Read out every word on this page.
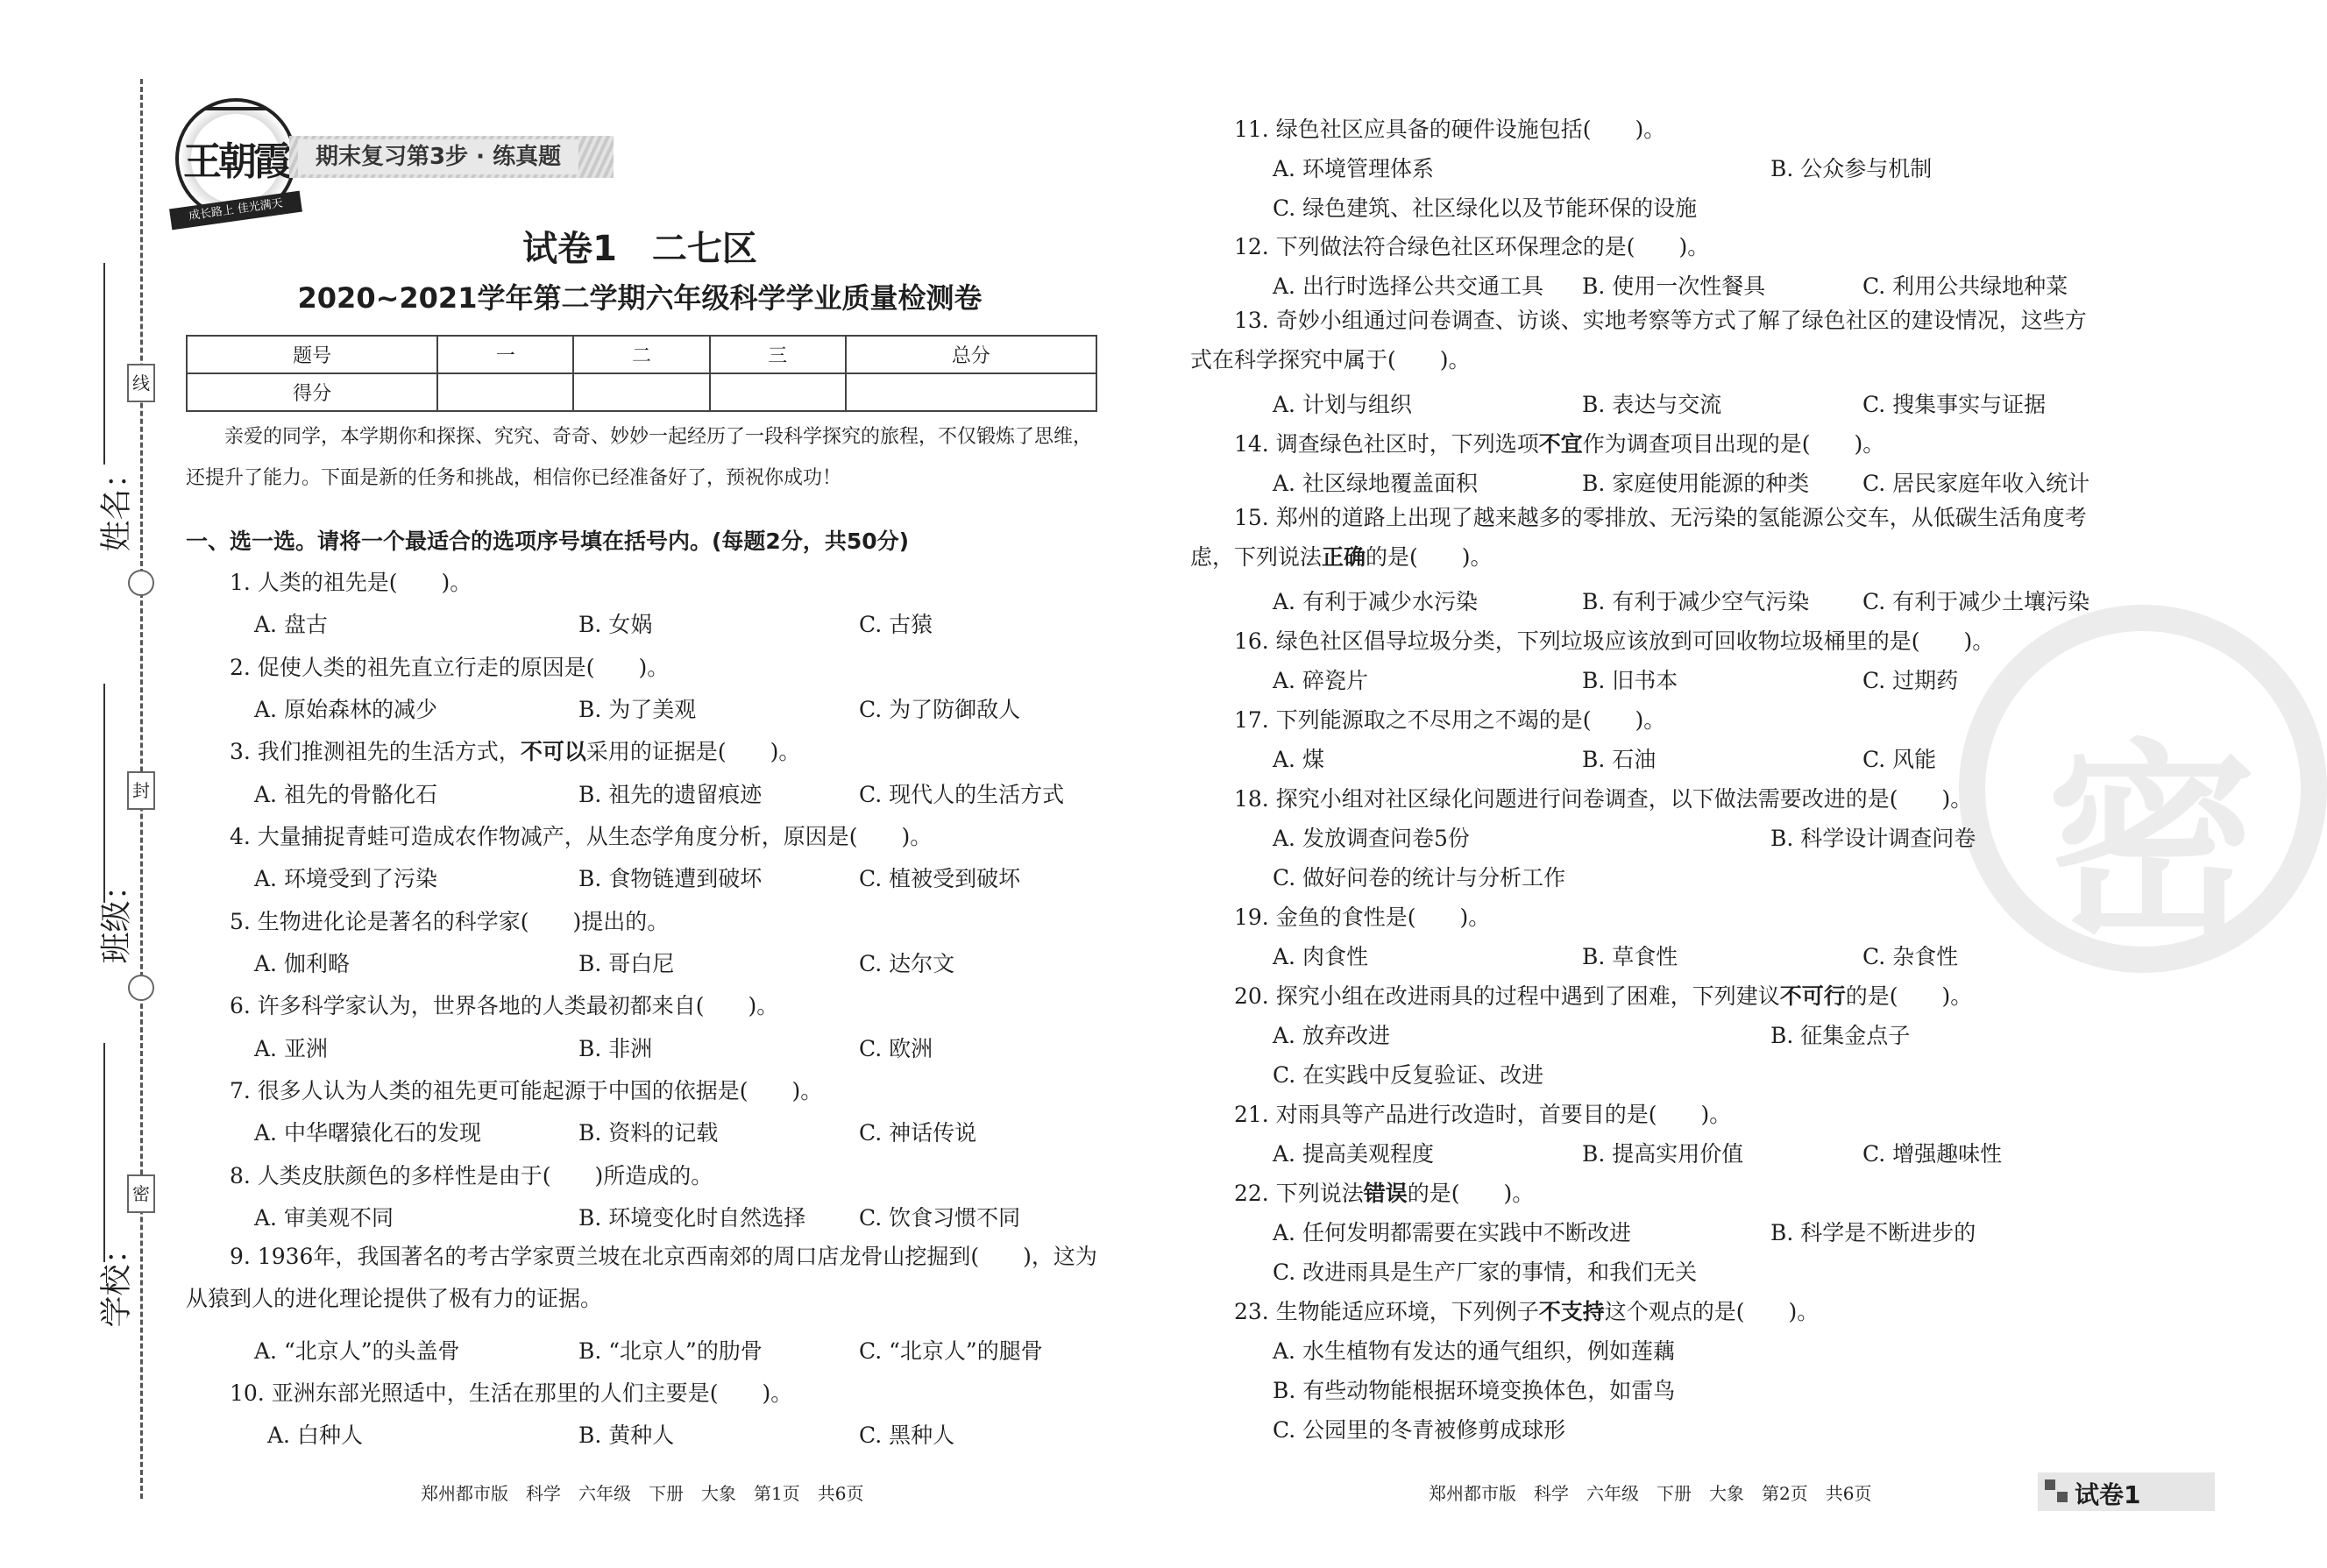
线
封
密
姓名：
班级：
学校：
王朝霞
成长路上 佳光满天
期末复习第3步 · 练真题
试卷1　二七区
2020~2021学年第二学期六年级科学学业质量检测卷
题号	一	二	三	总分
得分				
亲爱的同学，本学期你和探探、究究、奇奇、妙妙一起经历了一段科学探究的旅程，不仅锻炼了思维，还提升了能力。下面是新的任务和挑战，相信你已经准备好了，预祝你成功！
一、选一选。请将一个最适合的选项序号填在括号内。(每题2分，共50分)
1. 人类的祖先是(　　)。
A. 盘古	B. 女娲	C. 古猿
2. 促使人类的祖先直立行走的原因是(　　)。
A. 原始森林的减少	B. 为了美观	C. 为了防御敌人
3. 我们推测祖先的生活方式，不可以采用的证据是(　　)。
A. 祖先的骨骼化石	B. 祖先的遗留痕迹	C. 现代人的生活方式
4. 大量捕捉青蛙可造成农作物减产，从生态学角度分析，原因是(　　)。
A. 环境受到了污染	B. 食物链遭到破坏	C. 植被受到破坏
5. 生物进化论是著名的科学家(　　)提出的。
A. 伽利略	B. 哥白尼	C. 达尔文
6. 许多科学家认为，世界各地的人类最初都来自(　　)。
A. 亚洲	B. 非洲	C. 欧洲
7. 很多人认为人类的祖先更可能起源于中国的依据是(　　)。
A. 中华曙猿化石的发现	B. 资料的记载	C. 神话传说
8. 人类皮肤颜色的多样性是由于(　　)所造成的。
A. 审美观不同	B. 环境变化时自然选择 C. 饮食习惯不同
9. 1936年，我国著名的考古学家贾兰坡在北京西南郊的周口店龙骨山挖掘到(　　)，这为从猿到人的进化理论提供了极有力的证据。
A. “北京人”的头盖骨	B. “北京人”的肋骨	C. “北京人”的腿骨
10. 亚洲东部光照适中，生活在那里的人们主要是(　　)。
A. 白种人	B. 黄种人	C. 黑种人
密
11. 绿色社区应具备的硬件设施包括(　　)。
A. 环境管理体系	B. 公众参与机制
C. 绿色建筑、社区绿化以及节能环保的设施
12. 下列做法符合绿色社区环保理念的是(　　)。
A. 出行时选择公共交通工具 B. 使用一次性餐具	C. 利用公共绿地种菜
13. 奇妙小组通过问卷调查、访谈、实地考察等方式了解了绿色社区的建设情况，这些方式在科学探究中属于(　　)。
A. 计划与组织	B. 表达与交流	C. 搜集事实与证据
14. 调查绿色社区时，下列选项不宜作为调查项目出现的是(　　)。
A. 社区绿地覆盖面积	B. 家庭使用能源的种类 C. 居民家庭年收入统计
15. 郑州的道路上出现了越来越多的零排放、无污染的氢能源公交车，从低碳生活角度考虑，下列说法正确的是(　　)。
A. 有利于减少水污染	B. 有利于减少空气污染 C. 有利于减少土壤污染
16. 绿色社区倡导垃圾分类，下列垃圾应该放到可回收物垃圾桶里的是(　　)。
A. 碎瓷片	B. 旧书本	C. 过期药
17. 下列能源取之不尽用之不竭的是(　　)。
A. 煤	B. 石油	C. 风能
18. 探究小组对社区绿化问题进行问卷调查，以下做法需要改进的是(　　)。
A. 发放调查问卷5份	B. 科学设计调查问卷
C. 做好问卷的统计与分析工作
19. 金鱼的食性是(　　)。
A. 肉食性	B. 草食性	C. 杂食性
20. 探究小组在改进雨具的过程中遇到了困难，下列建议不可行的是(　　)。
A. 放弃改进	B. 征集金点子
C. 在实践中反复验证、改进
21. 对雨具等产品进行改造时，首要目的是(　　)。
A. 提高美观程度	B. 提高实用价值	C. 增强趣味性
22. 下列说法错误的是(　　)。
A. 任何发明都需要在实践中不断改进	B. 科学是不断进步的
C. 改进雨具是生产厂家的事情，和我们无关
23. 生物能适应环境，下列例子不支持这个观点的是(　　)。
A. 水生植物有发达的通气组织，例如莲藕
B. 有些动物能根据环境变换体色，如雷鸟
C. 公园里的冬青被修剪成球形
郑州都市版　科学　六年级　下册　大象　第1页　共6页	郑州都市版　科学　六年级　下册　大象　第2页　共6页	试卷1
